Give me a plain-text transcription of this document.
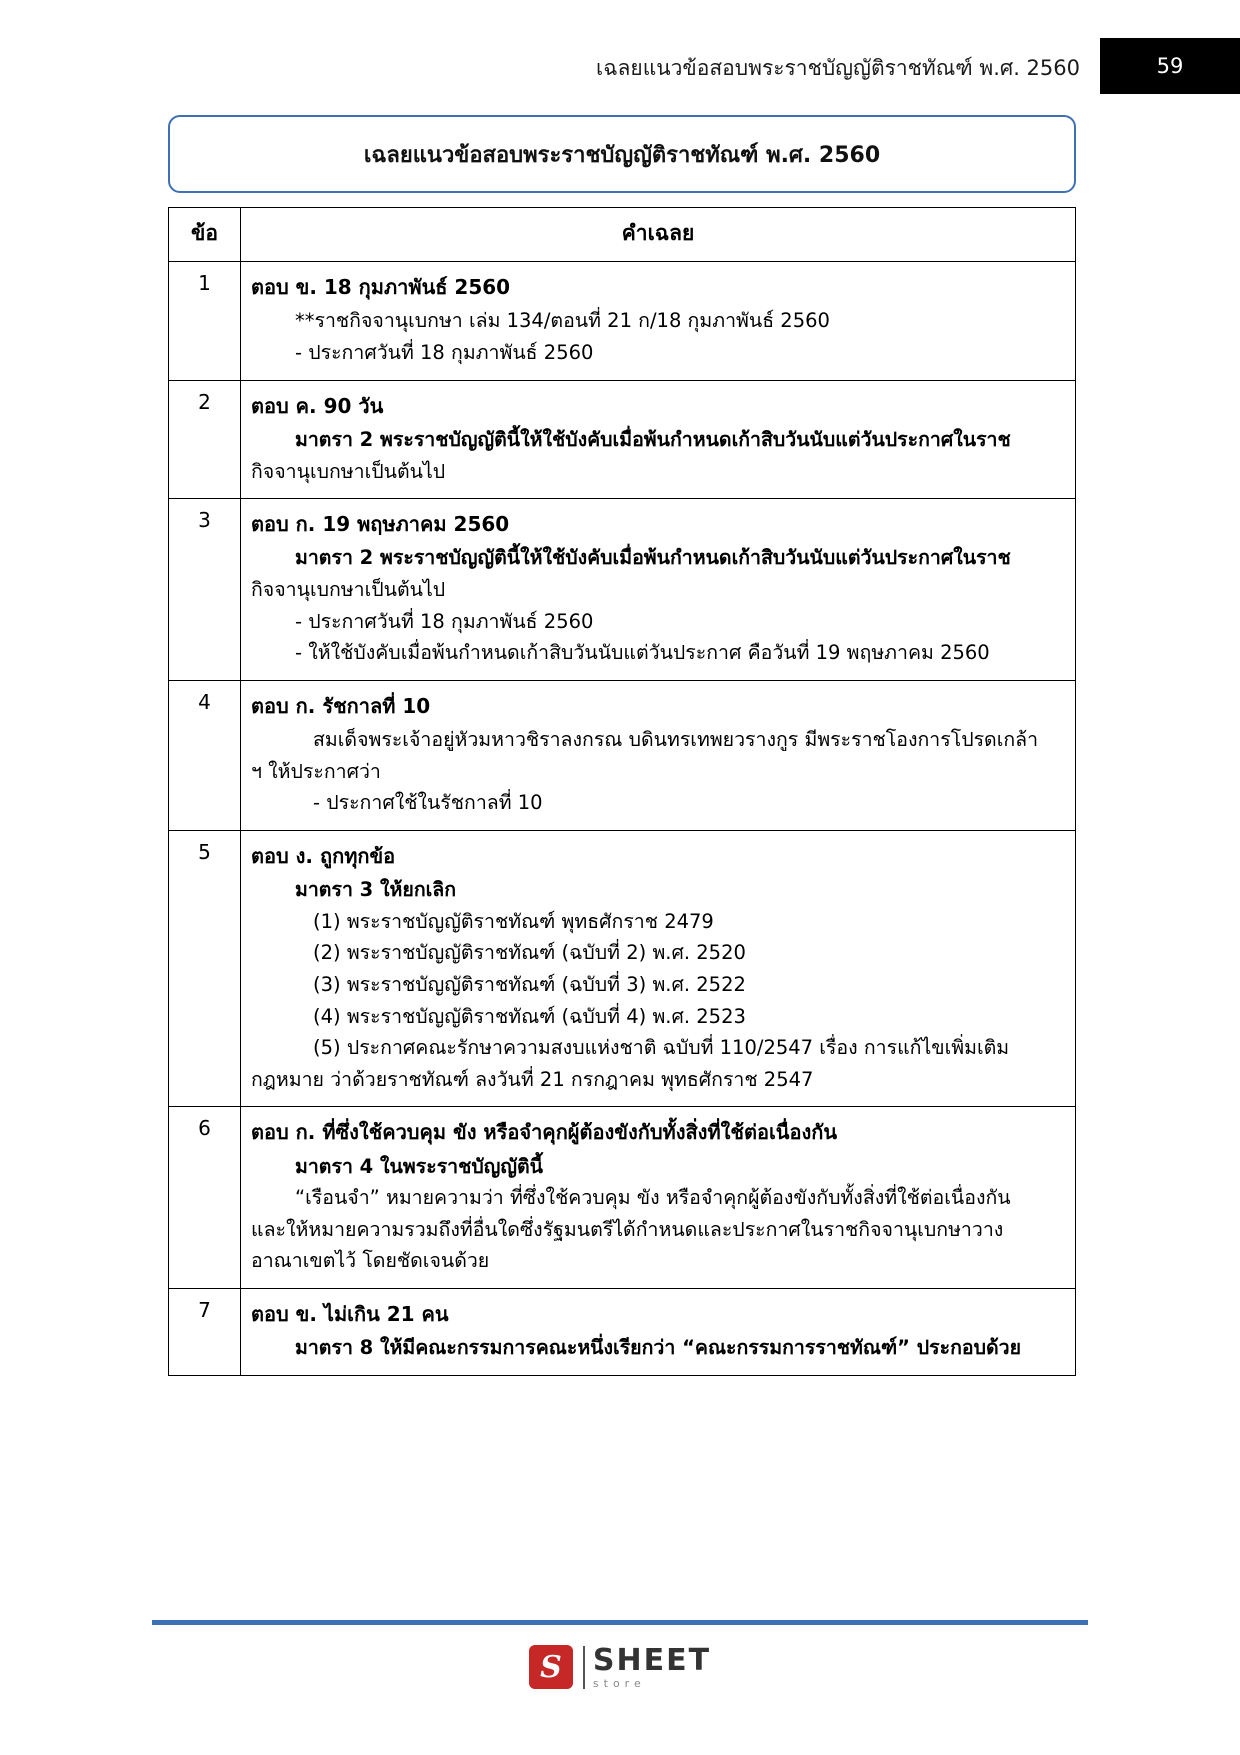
เฉลยแนวข้อสอบพระราชบัญญัติราชทัณฑ์ พ.ศ. 2560	59
เฉลยแนวข้อสอบพระราชบัญญัติราชทัณฑ์ พ.ศ. 2560
ข้อ	คำเฉลย
1	ตอบ ข. 18 กุมภาพันธ์ 2560
**ราชกิจจานุเบกษา เล่ม 134/ตอนที่ 21 ก/18 กุมภาพันธ์ 2560
- ประกาศวันที่ 18 กุมภาพันธ์ 2560

2	ตอบ ค. 90 วัน
มาตรา 2 พระราชบัญญัตินี้ให้ใช้บังคับเมื่อพ้นกำหนดเก้าสิบวันนับแต่วันประกาศในราช
กิจจานุเบกษาเป็นต้นไป

3	ตอบ ก. 19 พฤษภาคม 2560
มาตรา 2 พระราชบัญญัตินี้ให้ใช้บังคับเมื่อพ้นกำหนดเก้าสิบวันนับแต่วันประกาศในราช
กิจจานุเบกษาเป็นต้นไป
- ประกาศวันที่ 18 กุมภาพันธ์ 2560
- ให้ใช้บังคับเมื่อพ้นกำหนดเก้าสิบวันนับแต่วันประกาศ คือวันที่ 19 พฤษภาคม 2560

4	ตอบ ก. รัชกาลที่ 10
สมเด็จพระเจ้าอยู่หัวมหาวชิราลงกรณ บดินทรเทพยวรางกูร มีพระราชโองการโปรดเกล้า
ฯ ให้ประกาศว่า
- ประกาศใช้ในรัชกาลที่ 10

5	ตอบ ง. ถูกทุกข้อ
มาตรา 3 ให้ยกเลิก
(1) พระราชบัญญัติราชทัณฑ์ พุทธศักราช 2479
(2) พระราชบัญญัติราชทัณฑ์ (ฉบับที่ 2) พ.ศ. 2520
(3) พระราชบัญญัติราชทัณฑ์ (ฉบับที่ 3) พ.ศ. 2522
(4) พระราชบัญญัติราชทัณฑ์ (ฉบับที่ 4) พ.ศ. 2523
(5) ประกาศคณะรักษาความสงบแห่งชาติ ฉบับที่ 110/2547 เรื่อง การแก้ไขเพิ่มเติม
กฎหมาย ว่าด้วยราชทัณฑ์ ลงวันที่ 21 กรกฎาคม พุทธศักราช 2547

6	ตอบ ก. ที่ซึ่งใช้ควบคุม ขัง หรือจำคุกผู้ต้องขังกับทั้งสิ่งที่ใช้ต่อเนื่องกัน
มาตรา 4 ในพระราชบัญญัตินี้
“เรือนจำ” หมายความว่า ที่ซึ่งใช้ควบคุม ขัง หรือจำคุกผู้ต้องขังกับทั้งสิ่งที่ใช้ต่อเนื่องกัน
และให้หมายความรวมถึงที่อื่นใดซึ่งรัฐมนตรีได้กำหนดและประกาศในราชกิจจานุเบกษาวาง
อาณาเขตไว้ โดยชัดเจนด้วย

7	ตอบ ข. ไม่เกิน 21 คน
มาตรา 8 ให้มีคณะกรรมการคณะหนึ่งเรียกว่า “คณะกรรมการราชทัณฑ์” ประกอบด้วย
S	SHEET
store
